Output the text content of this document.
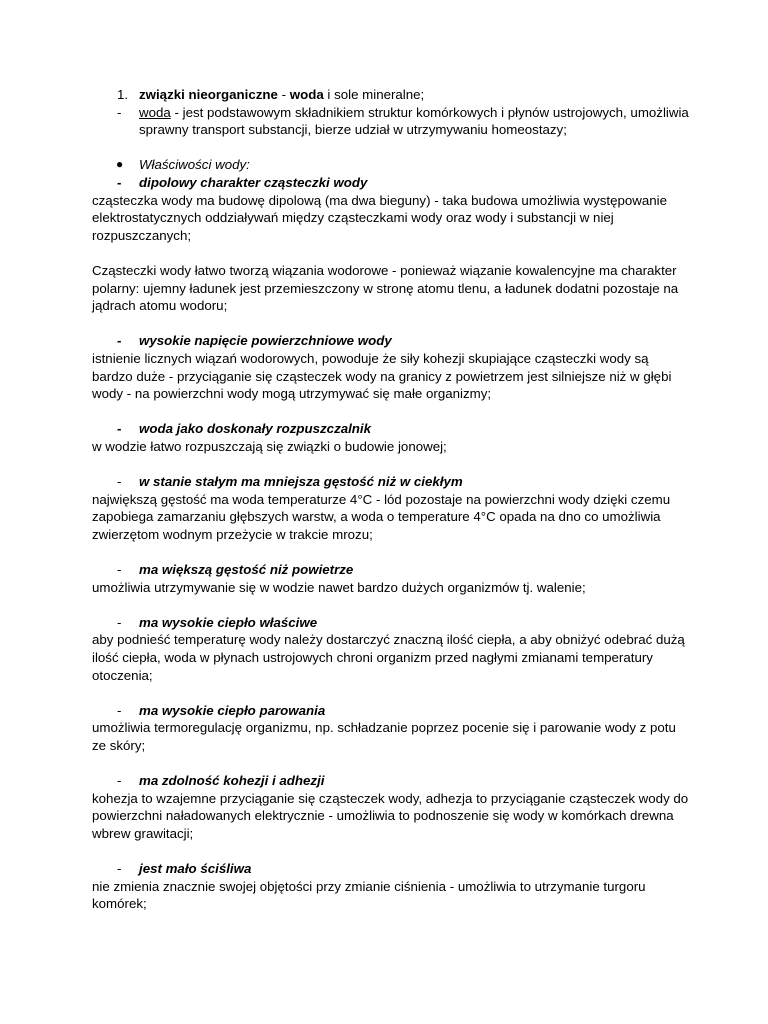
1. związki nieorganiczne - woda i sole mineralne;
- woda - jest podstawowym składnikiem struktur komórkowych i płynów ustrojowych, umożliwia sprawny transport substancji, bierze udział w utrzymywaniu homeostazy;
● Właściwości wody:
- dipolowy charakter cząsteczki wody
cząsteczka wody ma budowę dipolową (ma dwa bieguny) - taka budowa umożliwia występowanie elektrostatycznych oddziaływań między cząsteczkami wody oraz wody i substancji w niej rozpuszczanych;
Cząsteczki wody łatwo tworzą wiązania wodorowe - ponieważ wiązanie kowalencyjne ma charakter polarny: ujemny ładunek jest przemieszczony w stronę atomu tlenu, a ładunek dodatni pozostaje na jądrach atomu wodoru;
- wysokie napięcie powierzchniowe wody
istnienie licznych wiązań wodorowych, powoduje że siły kohezji skupiające cząsteczki wody są bardzo duże - przyciąganie się cząsteczek wody na granicy z powietrzem jest silniejsze niż w głębi wody - na powierzchni wody mogą utrzymywać się małe organizmy;
- woda jako doskonały rozpuszczalnik
w wodzie łatwo rozpuszczają się związki o budowie jonowej;
- w stanie stałym ma mniejsza gęstość niż w ciekłym
największą gęstość ma woda temperaturze 4°C - lód pozostaje na powierzchni wody dzięki czemu zapobiega zamarzaniu głębszych warstw, a woda o temperature 4°C opada na dno co umożliwia zwierzętom wodnym przeżycie w trakcie mrozu;
- ma większą gęstość niż powietrze
umożliwia utrzymywanie się w wodzie nawet bardzo dużych organizmów tj. walenie;
- ma wysokie ciepło właściwe
aby podnieść temperaturę wody należy dostarczyć znaczną ilość ciepła, a aby obniżyć odebrać dużą ilość ciepła, woda w płynach ustrojowych chroni organizm przed nagłymi zmianami temperatury otoczenia;
- ma wysokie ciepło parowania
umożliwia termoregulację organizmu, np. schładzanie poprzez pocenie się i parowanie wody z potu ze skóry;
- ma zdolność kohezji i adhezji
kohezja to wzajemne przyciąganie się cząsteczek wody, adhezja to przyciąganie cząsteczek wody do powierzchni naładowanych elektrycznie - umożliwia to podnoszenie się wody w komórkach drewna wbrew grawitacji;
- jest mało ściśliwa
nie zmienia znacznie swojej objętości przy zmianie ciśnienia - umożliwia to utrzymanie turgoru komórek;
